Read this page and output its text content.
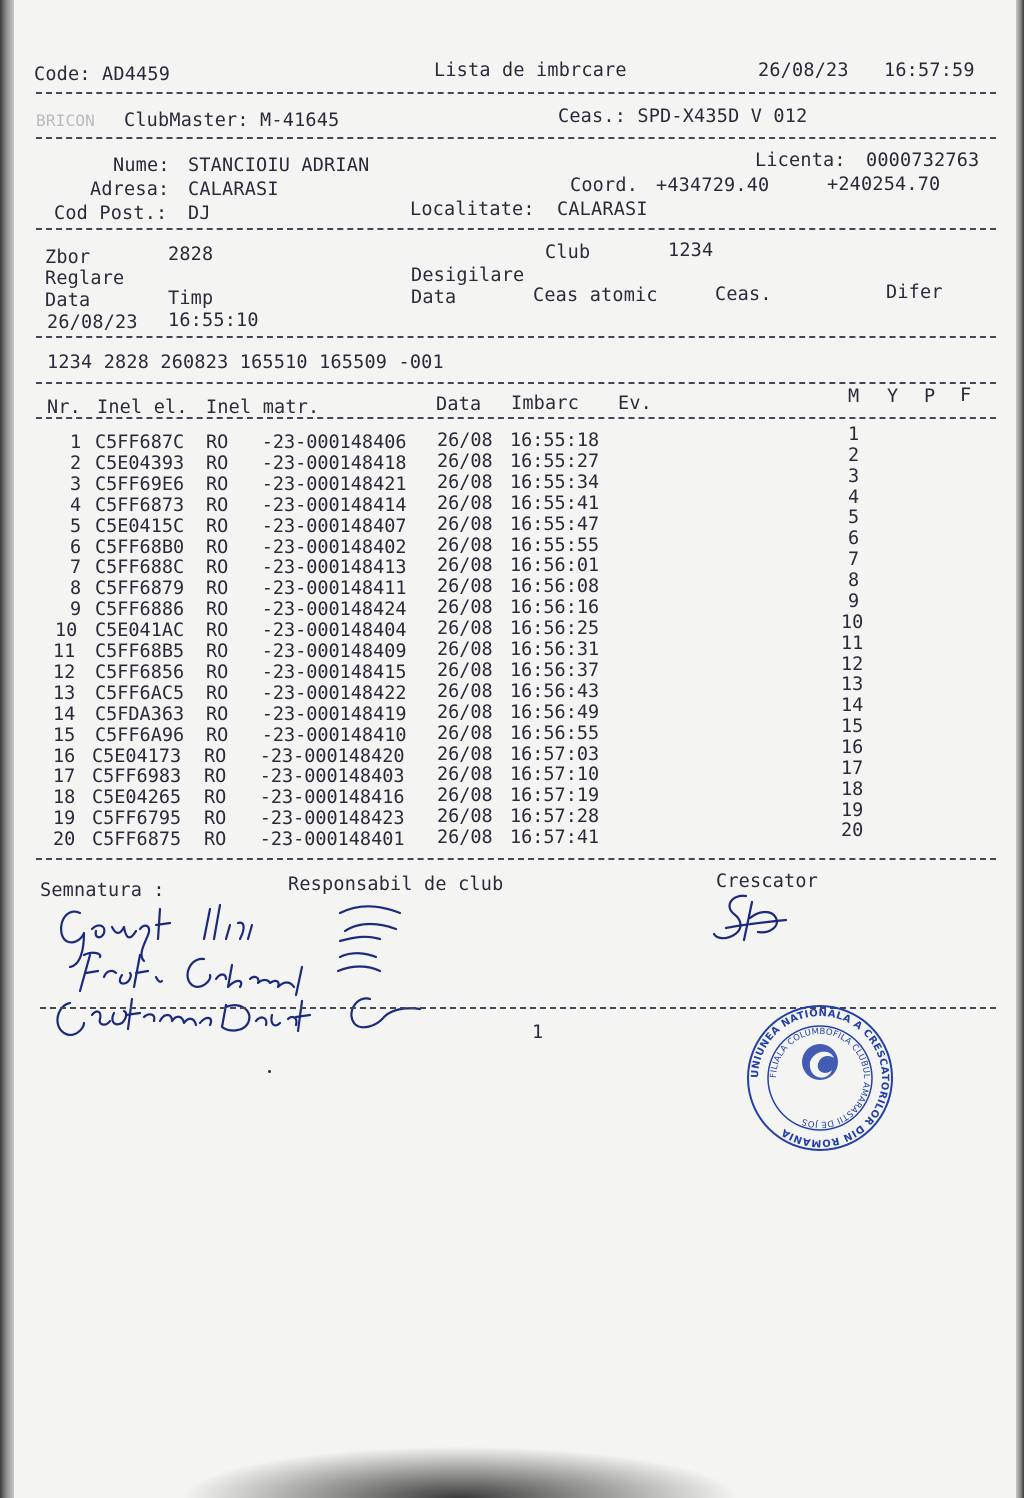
Code: AD4459	Lista de imbrcare	26/08/23 16:57:59
BRICON ClubMaster: M-41645	Ceas.: SPD-X435D V 012
Nume: STANCIOIU ADRIAN	Licenta: 0000732763
Adresa: CALARASI	Coord. +434729.40	+240254.70
Cod Post.: DJ	Localitate: CALARASI
Zbor	2828	Club	1234
Reglare	Desigilare
Data	Timp	Data	Ceas atomic	Ceas.	Difer
26/08/23 16:55:10
1234 2828 260823 165510 165509 -001
Nr. Inel el. Inel matr.	Data Imbarc Ev.	M Y P F
1 C5FF687C RO   -23-000148406 26/08 16:55:18	1
2 C5E04393 RO   -23-000148418 26/08 16:55:27	2
3 C5FF69E6 RO   -23-000148421 26/08 16:55:34	3
4 C5FF6873 RO   -23-000148414 26/08 16:55:41	4
5 C5E0415C RO   -23-000148407 26/08 16:55:47	5
6 C5FF68B0 RO   -23-000148402 26/08 16:55:55	6
7 C5FF688C RO   -23-000148413 26/08 16:56:01	7
8 C5FF6879 RO   -23-000148411 26/08 16:56:08	8
9 C5FF6886 RO   -23-000148424 26/08 16:56:16	9
10 C5E041AC RO   -23-000148404 26/08 16:56:25	10
11 C5FF68B5 RO   -23-000148409 26/08 16:56:31	11
12 C5FF6856 RO   -23-000148415 26/08 16:56:37	12
13 C5FF6AC5 RO   -23-000148422 26/08 16:56:43	13
14 C5FDA363 RO   -23-000148419 26/08 16:56:49	14
15 C5FF6A96 RO   -23-000148410 26/08 16:56:55	15
16 C5E04173 RO   -23-000148420 26/08 16:57:03	16
17 C5FF6983 RO   -23-000148403 26/08 16:57:10	17
18 C5E04265 RO   -23-000148416 26/08 16:57:19	18
19 C5FF6795 RO   -23-000148423 26/08 16:57:28	19
20 C5FF6875 RO   -23-000148401 26/08 16:57:41	20
Semnatura :	Responsabil de club	Crescator
1
UNIUNEA NATIONALA A CRESCATORILOR DIN ROMANIA
FILIALA COLUMBOFILA CLUBUL AMARASTII DE JOS
